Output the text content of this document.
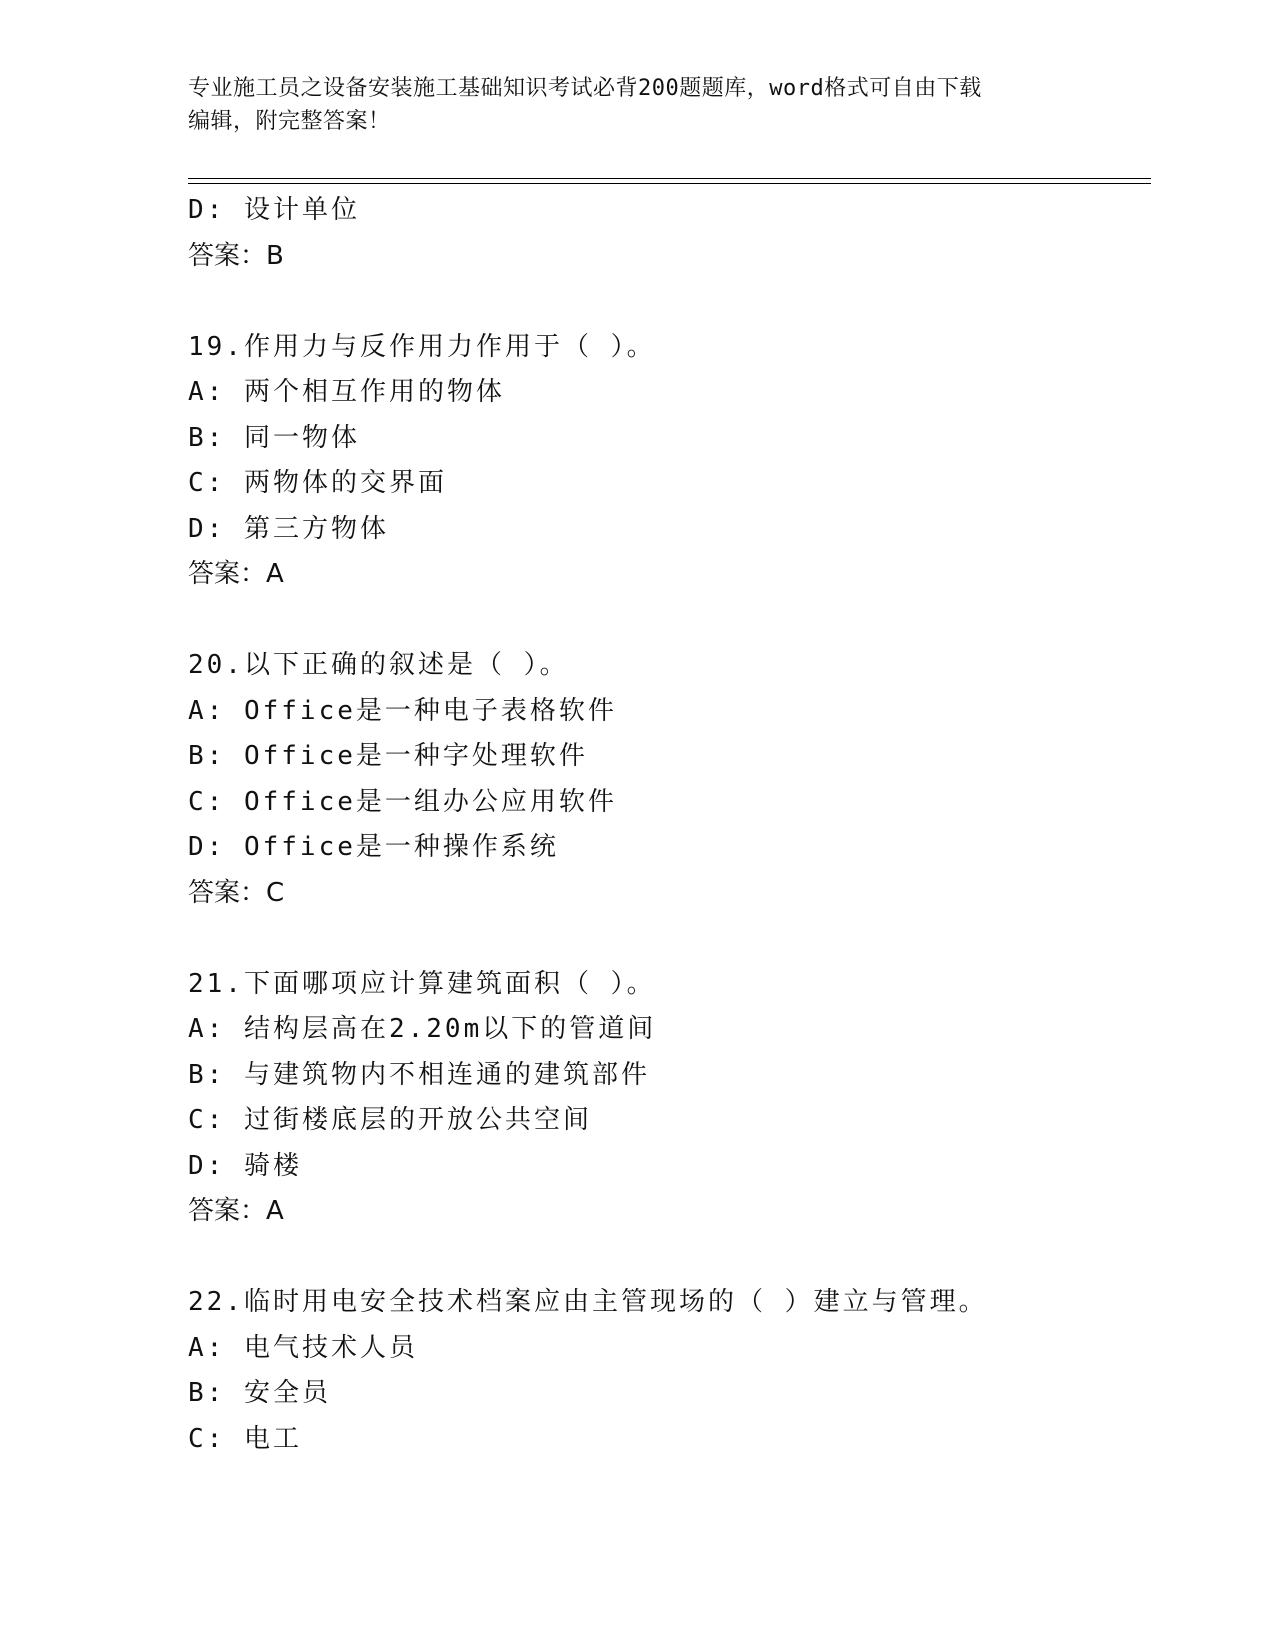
专业施工员之设备安装施工基础知识考试必背200题题库，word格式可自由下载
编辑，附完整答案！
D: 设计单位
答案：B
19.作用力与反作用力作用于（ ）。
A: 两个相互作用的物体
B: 同一物体
C: 两物体的交界面
D: 第三方物体
答案：A
20.以下正确的叙述是（ ）。
A: Office是一种电子表格软件
B: Office是一种字处理软件
C: Office是一组办公应用软件
D: Office是一种操作系统
答案：C
21.下面哪项应计算建筑面积（ ）。
A: 结构层高在2.20m以下的管道间
B: 与建筑物内不相连通的建筑部件
C: 过街楼底层的开放公共空间
D: 骑楼
答案：A
22.临时用电安全技术档案应由主管现场的（ ）建立与管理。
A: 电气技术人员
B: 安全员
C: 电工
